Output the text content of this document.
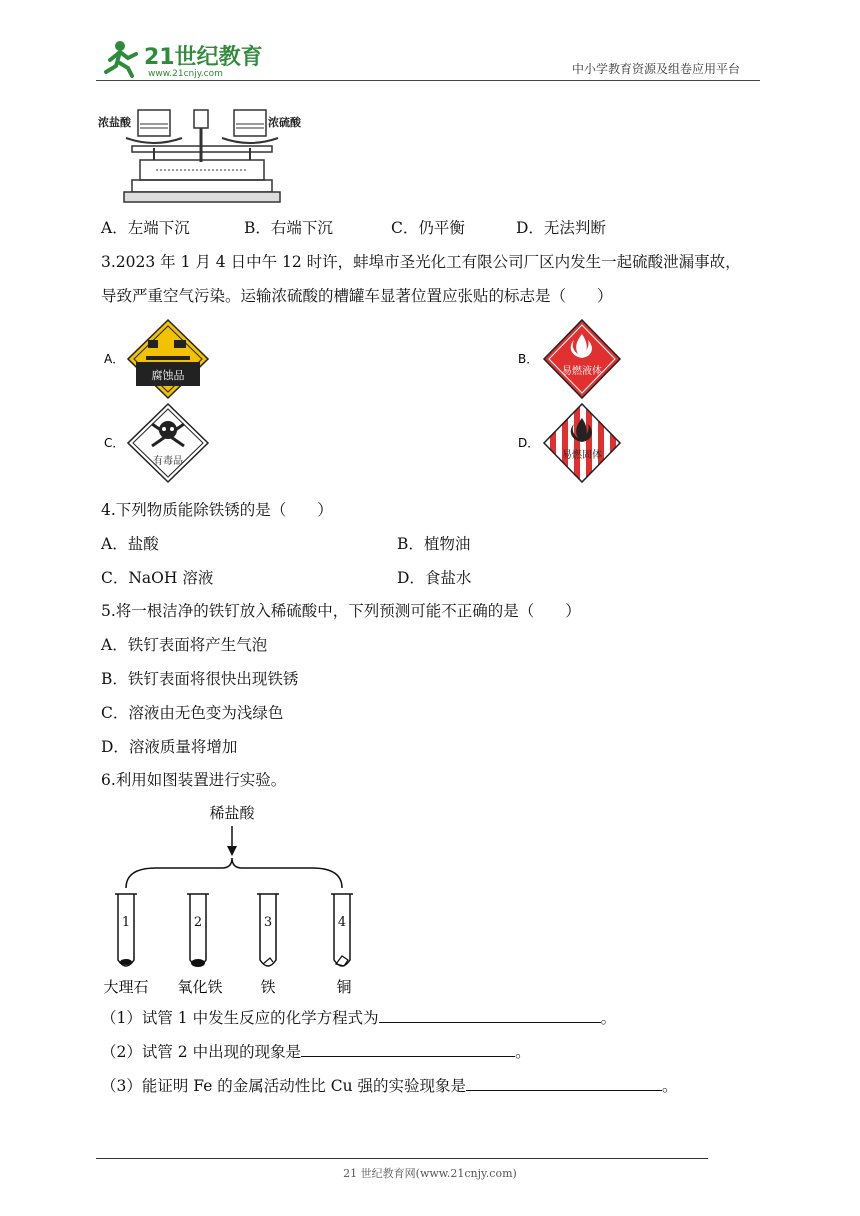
21世纪教育
www.21cnjy.com	中小学教育资源及组卷应用平台
浓盐酸	浓硫酸
A．左端下沉	B．右端下沉	C．仍平衡	D．无法判断
3.2023 年 1 月 4 日中午 12 时许，蚌埠市圣光化工有限公司厂区内发生一起硫酸泄漏事故，
导致严重空气污染。运输浓硫酸的槽罐车显著位置应张贴的标志是（　　）
A．
腐蚀品
B．
易燃液体
C．
有毒品
D．
易燃固体
4.下列物质能除铁锈的是（　　）
A．盐酸	B．植物油
C．NaOH 溶液	D．食盐水
5.将一根洁净的铁钉放入稀硫酸中，下列预测可能不正确的是（　　）
A．铁钉表面将产生气泡
B．铁钉表面将很快出现铁锈
C．溶液由无色变为浅绿色
D．溶液质量将增加
6.利用如图装置进行实验。
稀盐酸
1	2	3	4
大理石 氧化铁	铁	铜
（1）试管 1 中发生反应的化学方程式为	。
（2）试管 2 中出现的现象是	。
（3）能证明 Fe 的金属活动性比 Cu 强的实验现象是	。
21 世纪教育网(www.21cnjy.com)
